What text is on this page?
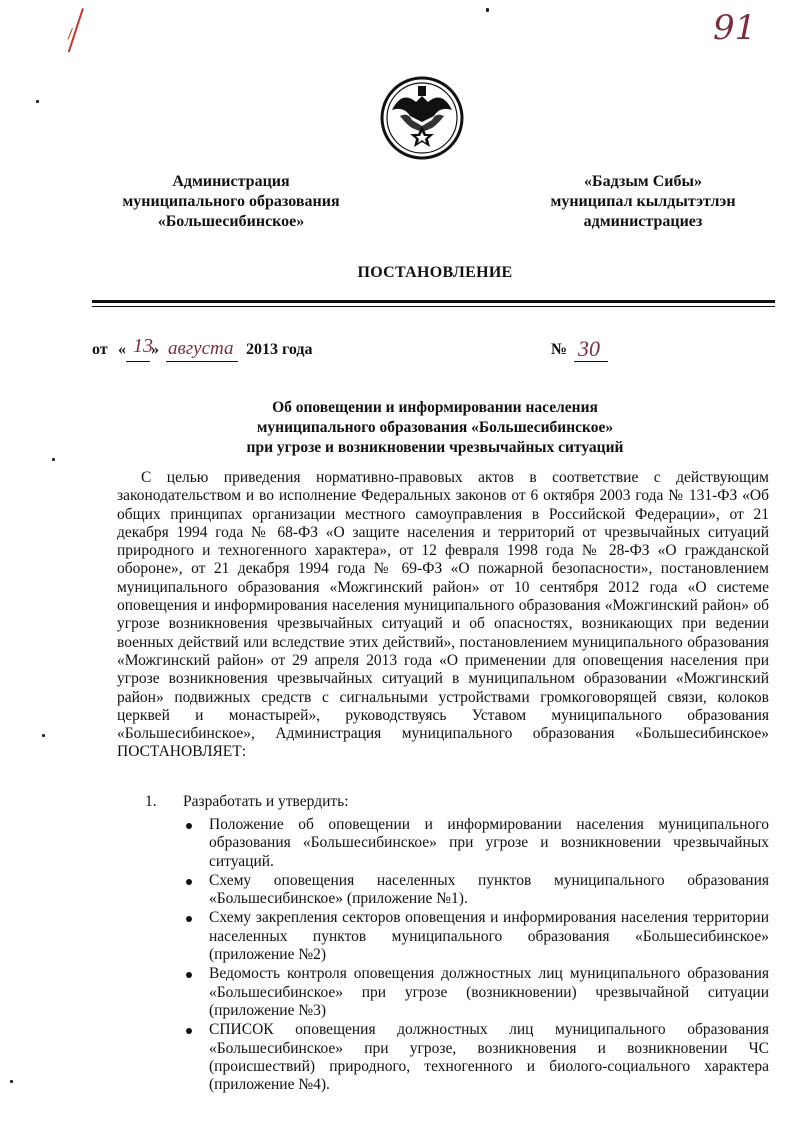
91
Администрация
муниципального образования
«Большесибинское»
«Бадзым Сибы»
муниципал кылдытэтлэн
администрациез
ПОСТАНОВЛЕНИЕ
от « 13
» августа 2013 года	№ 30
Об оповещении и информировании населения
муниципального образования «Большесибинское»
при угрозе и возникновении чрезвычайных ситуаций
С целью приведения нормативно-правовых актов в соответствие с действующим законодательством и во исполнение Федеральных законов от 6 октября 2003 года № 131-ФЗ «Об общих принципах организации местного самоуправления в Российской Федерации», от 21 декабря 1994 года № 68-ФЗ «О защите населения и территорий от чрезвычайных ситуаций природного и техногенного характера», от 12 февраля 1998 года № 28-ФЗ «О гражданской обороне», от 21 декабря 1994 года № 69-ФЗ «О пожарной безопасности», постановлением муниципального образования «Можгинский район» от 10 сентября 2012 года «О системе оповещения и информирования населения муниципального образования «Можгинский район» об угрозе возникновения чрезвычайных ситуаций и об опасностях, возникающих при ведении военных действий или вследствие этих действий», постановлением муниципального образования «Можгинский район» от 29 апреля 2013 года «О применении для оповещения населения при угрозе возникновения чрезвычайных ситуаций в муниципальном образовании «Можгинский район» подвижных средств с сигнальными устройствами громкоговорящей связи, колоков церквей и монастырей», руководствуясь Уставом муниципального образования «Большесибинское», Администрация муниципального образования «Большесибинское» ПОСТАНОВЛЯЕТ:
1. Разработать и утвердить:
Положение об оповещении и информировании населения муниципального образования «Большесибинское» при угрозе и возникновении чрезвычайных ситуаций.
Схему оповещения населенных пунктов муниципального образования «Большесибинское» (приложение №1).
Схему закрепления секторов оповещения и информирования населения территории населенных пунктов муниципального образования «Большесибинское» (приложение №2)
Ведомость контроля оповещения должностных лиц муниципального образования «Большесибинское» при угрозе (возникновении) чрезвычайной ситуации (приложение №3)
СПИСОК оповещения должностных лиц муниципального образования «Большесибинское» при угрозе, возникновения и возникновении ЧС (происшествий) природного, техногенного и биолого-социального характера (приложение №4).
